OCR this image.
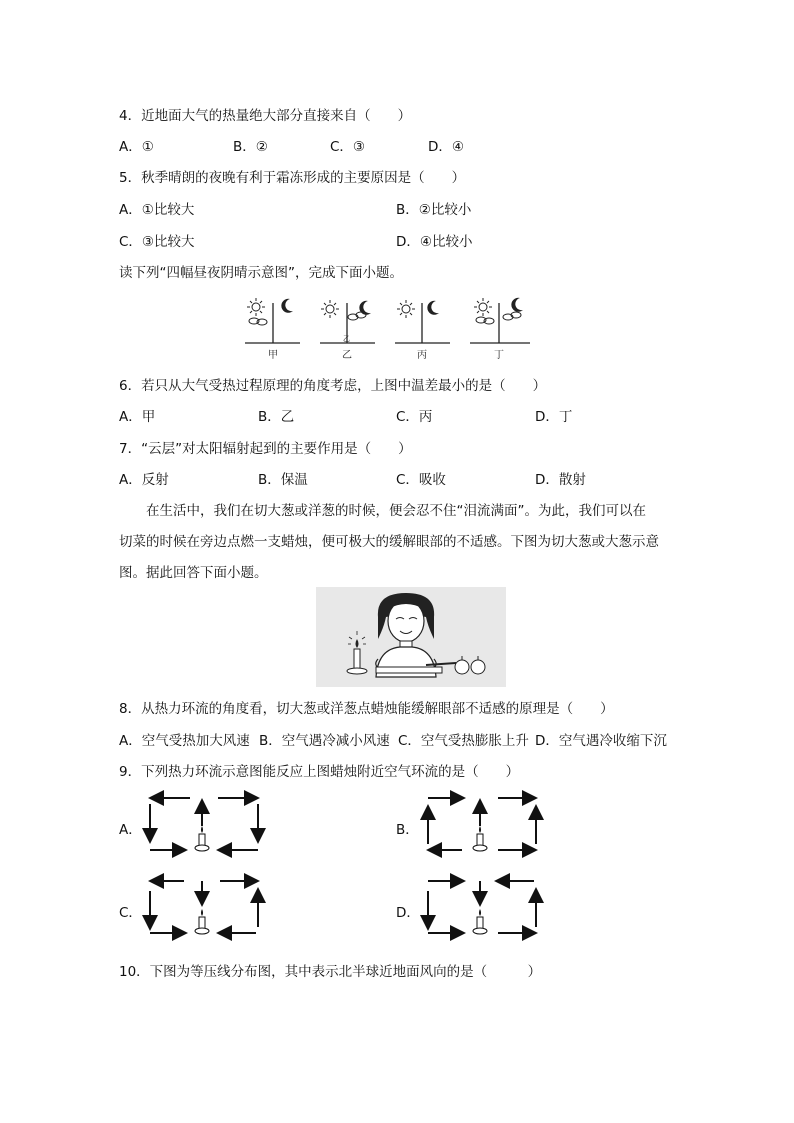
4．近地面大气的热量绝大部分直接来自（　　）
A．①	B．②	C．③	D．④
5．秋季晴朗的夜晚有利于霜冻形成的主要原因是（　　）
A．①比较大	B．②比较小
C．③比较大	D．④比较小
读下列“四幅昼夜阴晴示意图”，完成下面小题。
乙
甲	乙	丙	丁
6．若只从大气受热过程原理的角度考虑，上图中温差最小的是（　　）
A．甲	B．乙	C．丙	D．丁
7．“云层”对太阳辐射起到的主要作用是（　　）
A．反射	B．保温	C．吸收	D．散射
在生活中，我们在切大葱或洋葱的时候，便会忍不住“泪流满面”。为此，我们可以在
切菜的时候在旁边点燃一支蜡烛，便可极大的缓解眼部的不适感。下图为切大葱或大葱示意
图。据此回答下面小题。
8．从热力环流的角度看，切大葱或洋葱点蜡烛能缓解眼部不适感的原理是（　　）
A．空气受热加大风速 B．空气遇冷减小风速 C．空气受热膨胀上升 D．空气遇冷收缩下沉
9．下列热力环流示意图能反应上图蜡烛附近空气环流的是（　　）
A．	B．
C．	D．
10．下图为等压线分布图，其中表示北半球近地面风向的是（　　　）
